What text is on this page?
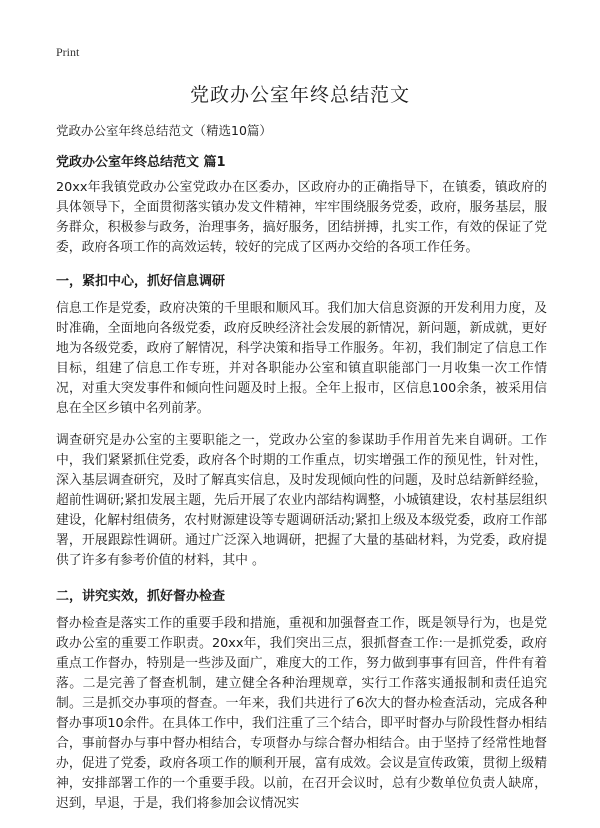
Print
党政办公室年终总结范文
党政办公室年终总结范文（精选10篇）
党政办公室年终总结范文 篇1

20xx年我镇党政办公室党政办在区委办，区政府办的正确指导下，在镇委，镇政府的具体领导下，全面贯彻落实镇办发文件精神，牢牢围绕服务党委，政府，服务基层，服务群众，积极参与政务，治理事务，搞好服务，团结拼搏，扎实工作，有效的保证了党委，政府各项工作的高效运转，较好的完成了区两办交给的各项工作任务。

一，紧扣中心，抓好信息调研

信息工作是党委，政府决策的千里眼和顺风耳。我们加大信息资源的开发利用力度，及时准确，全面地向各级党委，政府反映经济社会发展的新情况，新问题，新成就，更好地为各级党委，政府了解情况，科学决策和指导工作服务。年初，我们制定了信息工作目标，组建了信息工作专班，并对各职能办公室和镇直职能部门一月收集一次工作情况，对重大突发事件和倾向性问题及时上报。全年上报市，区信息100余条，被采用信息在全区乡镇中名列前茅。

调查研究是办公室的主要职能之一，党政办公室的参谋助手作用首先来自调研。工作中，我们紧紧抓住党委，政府各个时期的工作重点，切实增强工作的预见性，针对性，深入基层调查研究，及时了解真实信息，及时发现倾向性的问题，及时总结新鲜经验，超前性调研;紧扣发展主题，先后开展了农业内部结构调整，小城镇建设，农村基层组织建设，化解村组债务，农村财源建设等专题调研活动;紧扣上级及本级党委，政府工作部署，开展跟踪性调研。通过广泛深入地调研，把握了大量的基础材料，为党委，政府提供了许多有参考价值的材料，其中 。

二，讲究实效，抓好督办检查

督办检查是落实工作的重要手段和措施，重视和加强督查工作，既是领导行为，也是党政办公室的重要工作职责。20xx年，我们突出三点，狠抓督查工作:一是抓党委，政府重点工作督办，特别是一些涉及面广，难度大的工作，努力做到事事有回音，件件有着落。二是完善了督查机制，建立健全各种治理规章，实行工作落实通报制和责任追究制。三是抓交办事项的督查。一年来，我们共进行了6次大的督办检查活动，完成各种督办事项10余件。在具体工作中，我们注重了三个结合，即平时督办与阶段性督办相结合，事前督办与事中督办相结合，专项督办与综合督办相结合。由于坚持了经常性地督办，促进了党委，政府各项工作的顺利开展，富有成效。会议是宣传政策，贯彻上级精神，安排部署工作的一个重要手段。以前，在召开会议时，总有少数单位负责人缺席，迟到，早退，于是，我们将参加会议情况实
